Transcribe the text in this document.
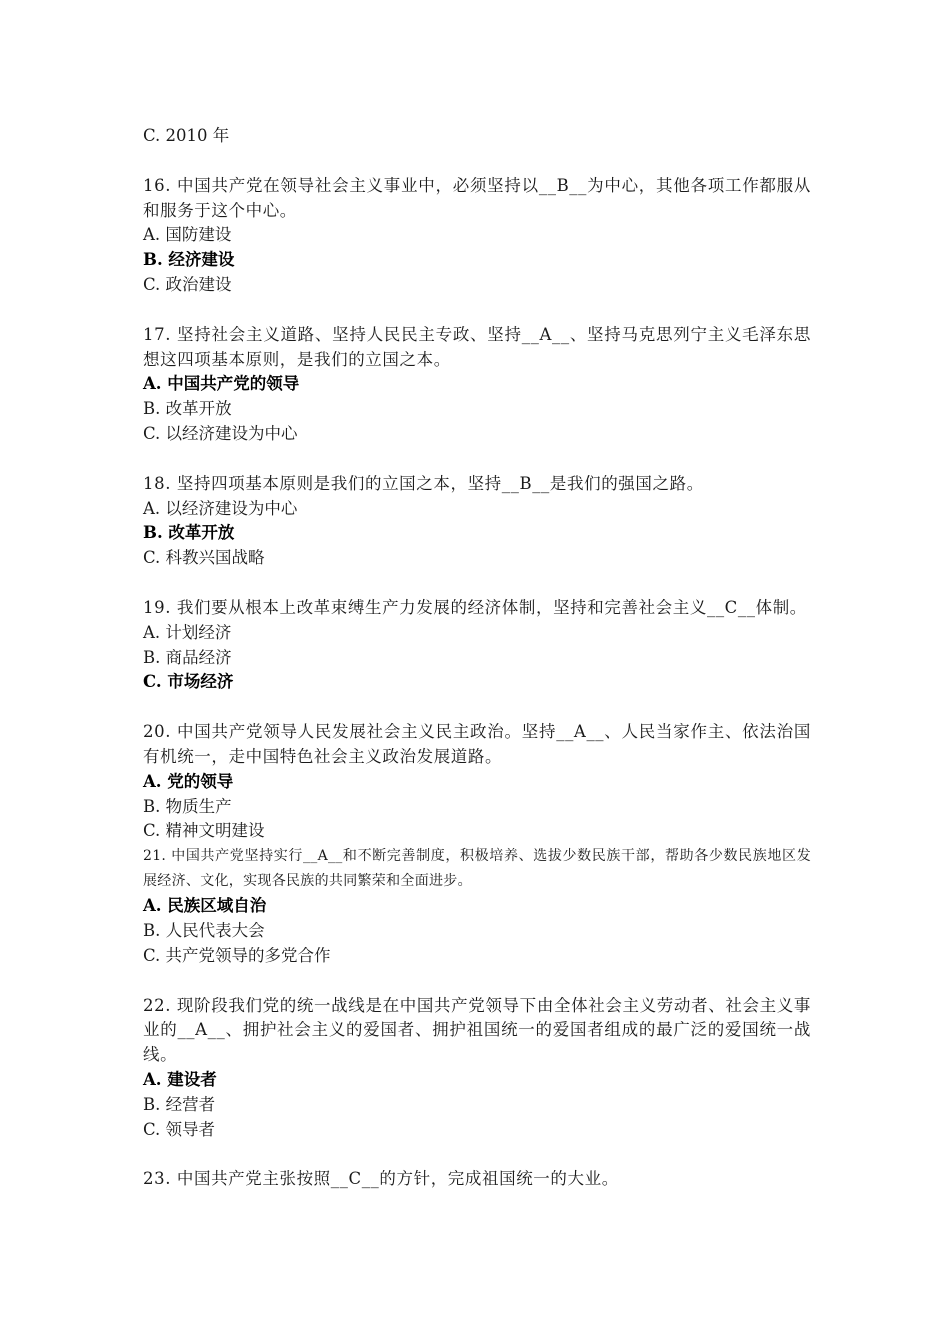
C. 2010 年
16. 中国共产党在领导社会主义事业中，必须坚持以__B__为中心，其他各项工作都服从和服务于这个中心。
A. 国防建设
B. 经济建设
C. 政治建设
17. 坚持社会主义道路、坚持人民民主专政、坚持__A__、坚持马克思列宁主义毛泽东思想这四项基本原则，是我们的立国之本。
A. 中国共产党的领导
B. 改革开放
C. 以经济建设为中心
18. 坚持四项基本原则是我们的立国之本，坚持__B__是我们的强国之路。
A. 以经济建设为中心
B. 改革开放
C. 科教兴国战略
19. 我们要从根本上改革束缚生产力发展的经济体制，坚持和完善社会主义__C__体制。
A. 计划经济
B. 商品经济
C. 市场经济
20. 中国共产党领导人民发展社会主义民主政治。坚持__A__、人民当家作主、依法治国有机统一，走中国特色社会主义政治发展道路。
A. 党的领导
B. 物质生产
C. 精神文明建设
21. 中国共产党坚持实行__A__和不断完善制度，积极培养、选拔少数民族干部，帮助各少数民族地区发展经济、文化，实现各民族的共同繁荣和全面进步。
A. 民族区域自治
B. 人民代表大会
C. 共产党领导的多党合作
22. 现阶段我们党的统一战线是在中国共产党领导下由全体社会主义劳动者、社会主义事业的__A__、拥护社会主义的爱国者、拥护祖国统一的爱国者组成的最广泛的爱国统一战线。
A. 建设者
B. 经营者
C. 领导者
23. 中国共产党主张按照__C__的方针，完成祖国统一的大业。
